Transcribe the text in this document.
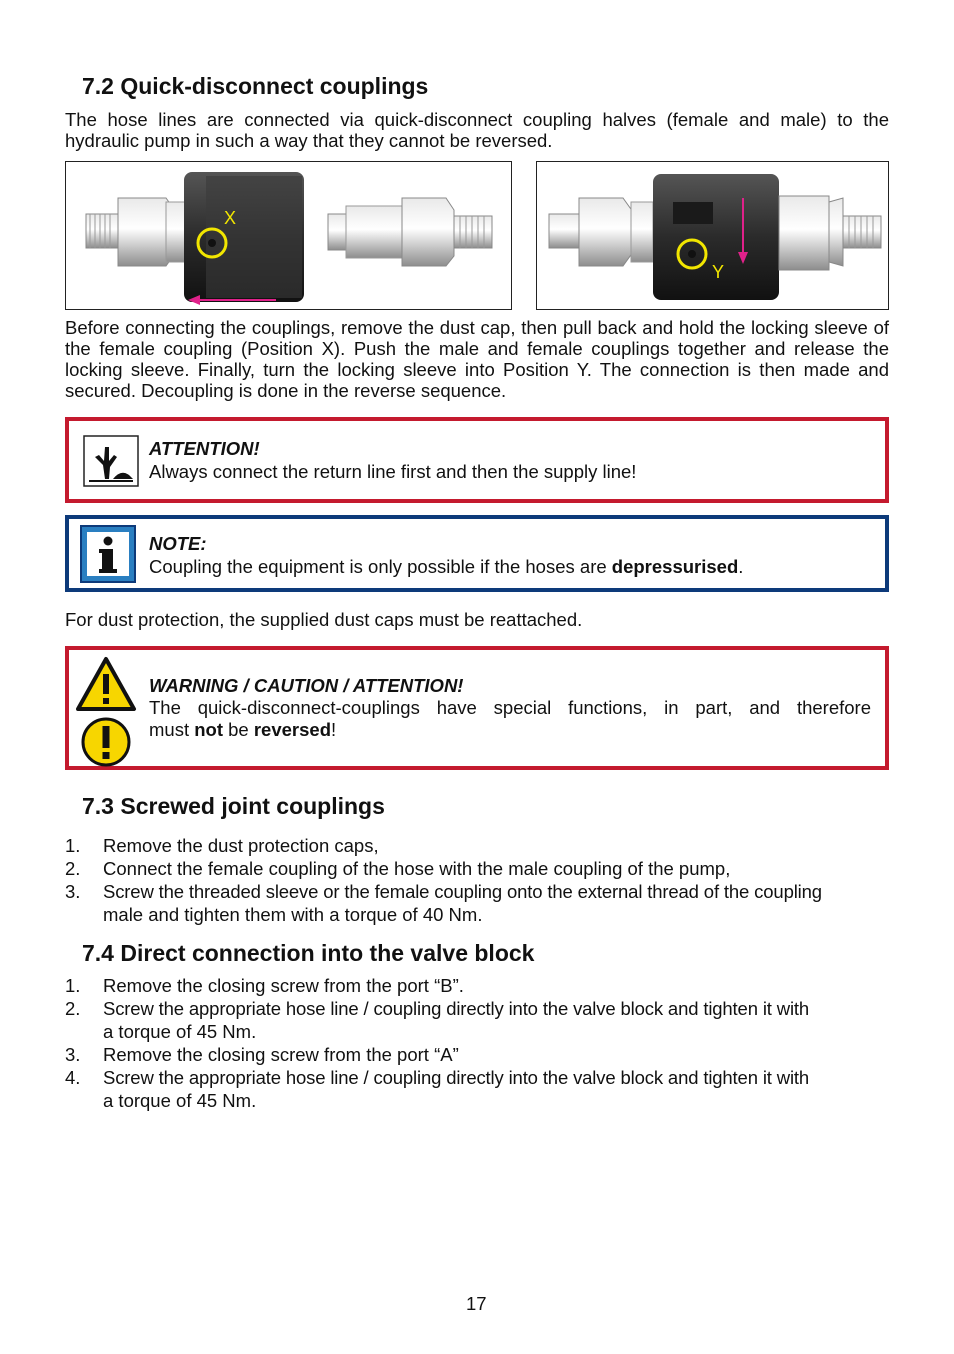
7.2 Quick-disconnect couplings
The hose lines are connected via quick-disconnect coupling halves (female and male) to the hydraulic pump in such a way that they cannot be reversed.
X
Y
Before connecting the couplings, remove the dust cap, then pull back and hold the locking sleeve of the female coupling (Position X). Push the male and female couplings together and release the locking sleeve. Finally, turn the locking sleeve into Position Y. The connection is then made and secured. Decoupling is done in the reverse sequence.
ATTENTION!
Always connect the return line first and then the supply line!
NOTE:
Coupling the equipment is only possible if the hoses are depressurised.
For dust protection, the supplied dust caps must be reattached.
WARNING / CAUTION / ATTENTION!
The quick-disconnect-couplings have special functions, in part, and therefore
must not be reversed!
7.3 Screwed joint couplings
1. Remove the dust protection caps,
2. Connect the female coupling of the hose with the male coupling of the pump,
3. Screw the threaded sleeve or the female coupling onto the external thread of the coupling
male and tighten them with a torque of 40 Nm.
7.4 Direct connection into the valve block
1. Remove the closing screw from the port “B”.
2. Screw the appropriate hose line / coupling directly into the valve block and tighten it with
a torque of 45 Nm.
3. Remove the closing screw from the port “A”
4. Screw the appropriate hose line / coupling directly into the valve block and tighten it with
a torque of 45 Nm.
17
